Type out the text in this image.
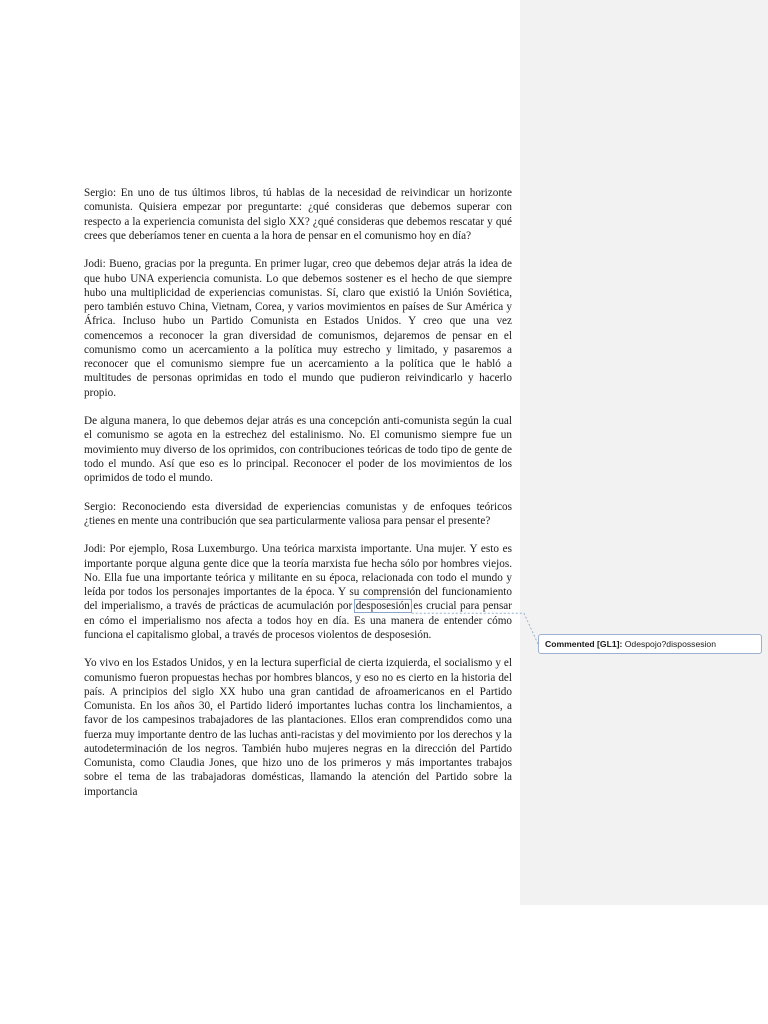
Sergio: En uno de tus últimos libros, tú hablas de la necesidad de reivindicar un horizonte comunista. Quisiera empezar por preguntarte: ¿qué consideras que debemos superar con respecto a la experiencia comunista del siglo XX? ¿qué consideras que debemos rescatar y qué crees que deberíamos tener en cuenta a la hora de pensar en el comunismo hoy en día?

Jodi: Bueno, gracias por la pregunta. En primer lugar, creo que debemos dejar atrás la idea de que hubo UNA experiencia comunista. Lo que debemos sostener es el hecho de que siempre hubo una multiplicidad de experiencias comunistas. Sí, claro que existió la Unión Soviética, pero también estuvo China, Vietnam, Corea, y varios movimientos en países de Sur América y África. Incluso hubo un Partido Comunista en Estados Unidos. Y creo que una vez comencemos a reconocer la gran diversidad de comunismos, dejaremos de pensar en el comunismo como un acercamiento a la política muy estrecho y limitado, y pasaremos a reconocer que el comunismo siempre fue un acercamiento a la política que le habló a multitudes de personas oprimidas en todo el mundo que pudieron reivindicarlo y hacerlo propio.

De alguna manera, lo que debemos dejar atrás es una concepción anti-comunista según la cual el comunismo se agota en la estrechez del estalinismo. No. El comunismo siempre fue un movimiento muy diverso de los oprimidos, con contribuciones teóricas de todo tipo de gente de todo el mundo. Así que eso es lo principal. Reconocer el poder de los movimientos de los oprimidos de todo el mundo.

Sergio: Reconociendo esta diversidad de experiencias comunistas y de enfoques teóricos ¿tienes en mente una contribución que sea particularmente valiosa para pensar el presente?

Jodi: Por ejemplo, Rosa Luxemburgo. Una teórica marxista importante. Una mujer. Y esto es importante porque alguna gente dice que la teoría marxista fue hecha sólo por hombres viejos. No. Ella fue una importante teórica y militante en su época, relacionada con todo el mundo y leída por todos los personajes importantes de la época. Y su comprensión del funcionamiento del imperialismo, a través de prácticas de acumulación por desposesión es crucial para pensar en cómo el imperialismo nos afecta a todos hoy en día. Es una manera de entender cómo funciona el capitalismo global, a través de procesos violentos de desposesión.

Yo vivo en los Estados Unidos, y en la lectura superficial de cierta izquierda, el socialismo y el comunismo fueron propuestas hechas por hombres blancos, y eso no es cierto en la historia del país. A principios del siglo XX hubo una gran cantidad de afroamericanos en el Partido Comunista. En los años 30, el Partido lideró importantes luchas contra los linchamientos, a favor de los campesinos trabajadores de las plantaciones. Ellos eran comprendidos como una fuerza muy importante dentro de las luchas anti-racistas y del movimiento por los derechos y la autodeterminación de los negros. También hubo mujeres negras en la dirección del Partido Comunista, como Claudia Jones, que hizo uno de los primeros y más importantes trabajos sobre el tema de las trabajadoras domésticas, llamando la atención del Partido sobre la importancia

Commented [GL1]: Odespojo?dispossesion
